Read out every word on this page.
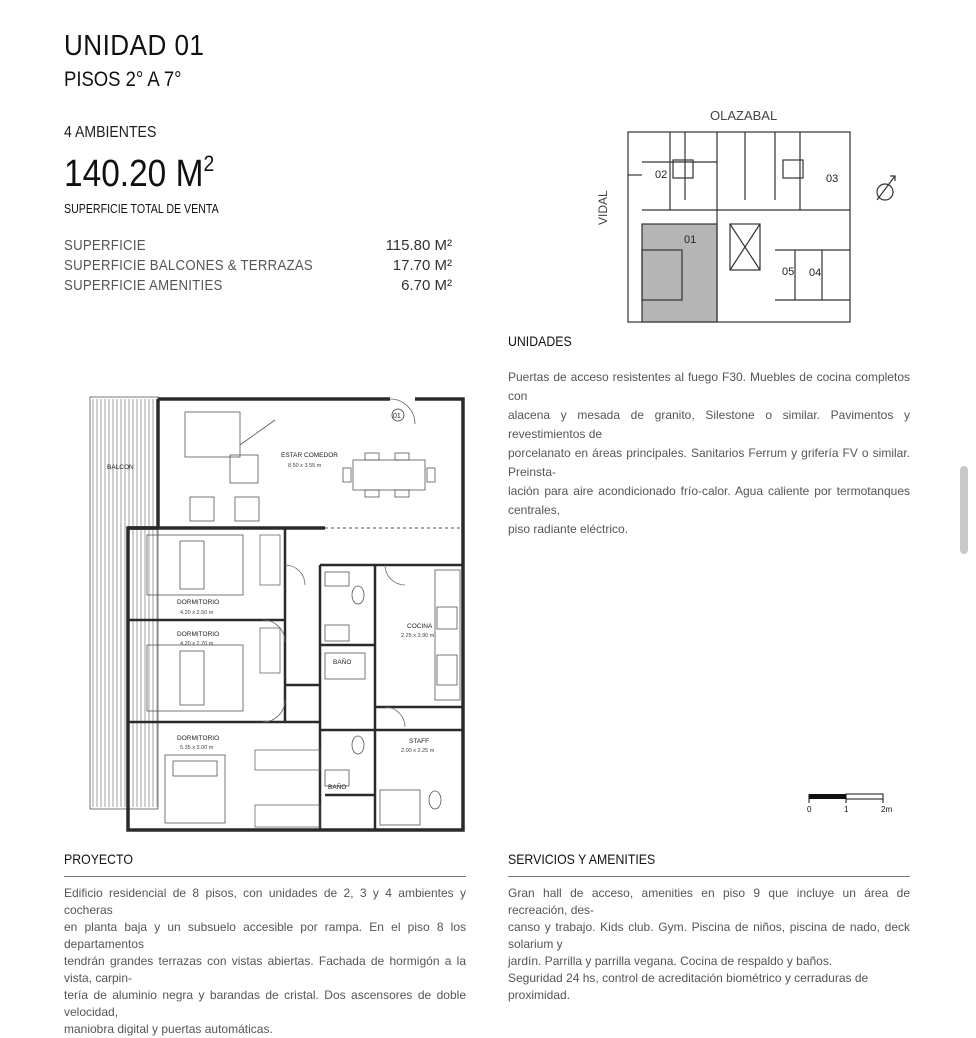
UNIDAD 01
PISOS 2° A 7°
4 AMBIENTES
140.20 $M^2$
SUPERFICIE TOTAL DE VENTA
SUPERFICIE	115.80 M²
SUPERFICIE BALCONES & TERRAZAS	17.70 M²
SUPERFICIE AMENITIES	6.70 M²
OLAZABAL
VIDAL
02	03
01
05 04
UNIDADES
Puertas de acceso resistentes al fuego F30. Muebles de cocina completos con
alacena y mesada de granito, Silestone o similar. Pavimentos y revestimientos de
porcelanato en áreas principales. Sanitarios Ferrum y grifería FV o similar. Preinsta-
lación para aire acondicionado frío-calor. Agua caliente por termotanques centrales,
piso radiante eléctrico.
BALCON
ESTAR COMEDOR
8.50 x 3.55 m
01
DORMITORIO
4.20 x 2.50 m
DORMITORIO
4.20 x 2.70 m
DORMITORIO
5.35 x 3.00 m
COCINA
2.25 x 3.90 m
BAÑO
BAÑO
STAFF
2.00 x 2.25 m
0	1	2m
PROYECTO
Edificio residencial de 8 pisos, con unidades de 2, 3 y 4 ambientes y cocheras
en planta baja y un subsuelo accesible por rampa. En el piso 8 los departamentos
tendrán grandes terrazas con vistas abiertas. Fachada de hormigón a la vista, carpin-
tería de aluminio negra y barandas de cristal. Dos ascensores de doble velocidad,
maniobra digital y puertas automáticas.
SERVICIOS Y AMENITIES
Gran hall de acceso, amenities en piso 9 que incluye un área de recreación, des-
canso y trabajo. Kids club. Gym. Piscina de niños, piscina de nado, deck solarium y
jardín. Parrilla y parrilla vegana. Cocina de respaldo y baños.
Seguridad 24 hs, control de acreditación biométrico y cerraduras de proximidad.
